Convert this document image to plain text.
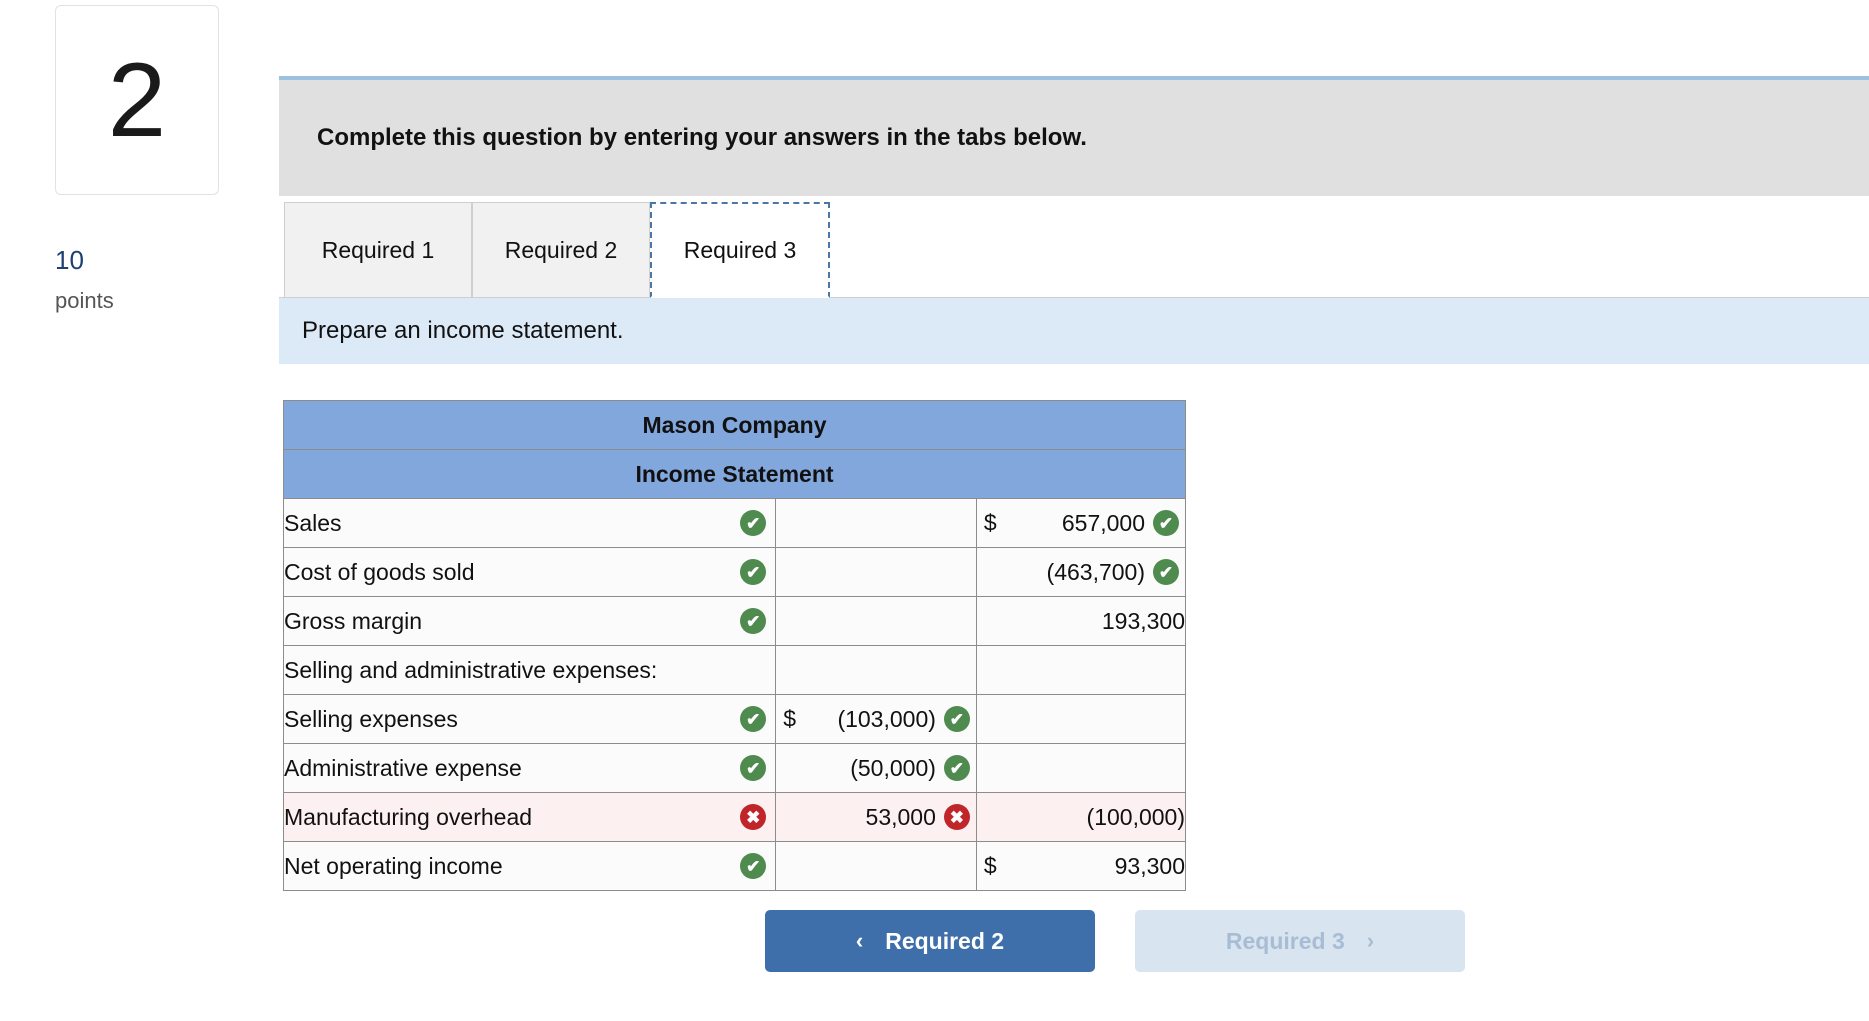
2
10
points
Complete this question by entering your answers in the tabs below.
Required 1	Required 2	Required 3
Prepare an income statement.
Mason Company		
Income Statement		
Sales ✔		$ 657,000 ✔

Cost of goods sold ✔		(463,700) ✔

Gross margin ✔		193,300
Selling and administrative expenses:		
Selling expenses ✔	$ (103,000) ✔	

Administrative expense ✔	(50,000) ✔	

Manufacturing overhead ✖	53,000 ✖	(100,000)
Net operating income ✔		$ 93,300
‹ Required 2	Required 3 ›
